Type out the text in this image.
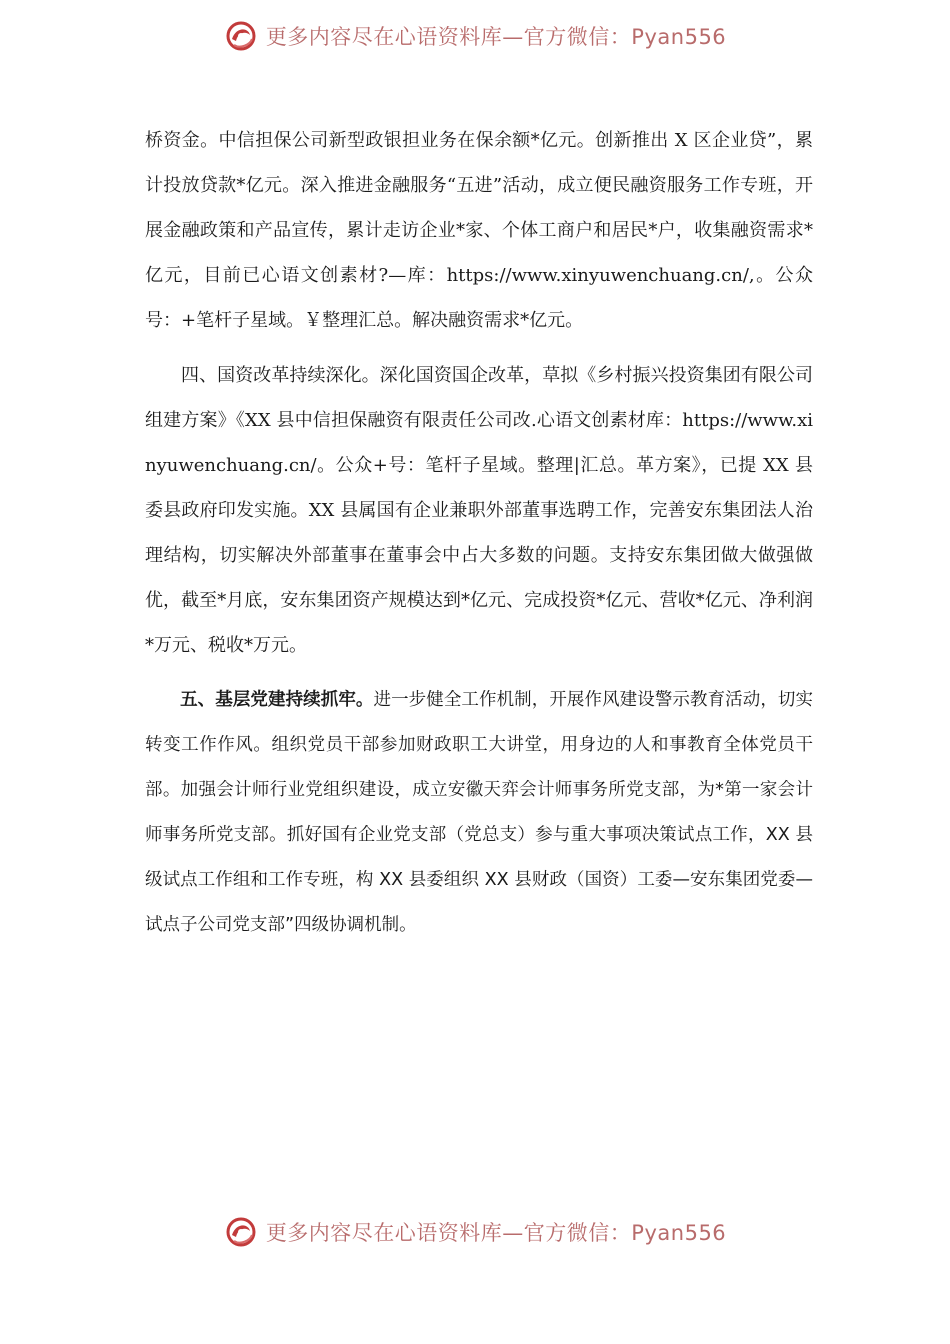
更多内容尽在心语资料库—官方微信：Pyan556

桥资金。中信担保公司新型政银担业务在保余额*亿元。创新推出 X 区企业贷”，累计投放贷款*亿元。深入推进金融服务“五进”活动，成立便民融资服务工作专班，开展金融政策和产品宣传，累计走访企业*家、个体工商户和居民*户，收集融资需求*亿元，目前已心语文创素材?—库：https://www.xinyuwenchuang.cn/,。公众号：+笔杆子星域。￥整理汇总。解决融资需求*亿元。

四、国资改革持续深化。深化国资国企改革，草拟《乡村振兴投资集团有限公司组建方案》《XX 县中信担保融资有限责任公司改.心语文创素材库：https://www.xinyuwenchuang.cn/。公众+号：笔杆子星域。整理|汇总。革方案》，已提 XX 县委县政府印发实施。XX 县属国有企业兼职外部董事选聘工作，完善安东集团法人治理结构，切实解决外部董事在董事会中占大多数的问题。支持安东集团做大做强做优，截至*月底，安东集团资产规模达到*亿元、完成投资*亿元、营收*亿元、净利润 *万元、税收*万元。

五、基层党建持续抓牢。进一步健全工作机制，开展作风建设警示教育活动，切实转变工作作风。组织党员干部参加财政职工大讲堂，用身边的人和事教育全体党员干部。加强会计师行业党组织建设，成立安徽天弈会计师事务所党支部，为*第一家会计师事务所党支部。抓好国有企业党支部（党总支）参与重大事项决策试点工作，XX 县级试点工作组和工作专班，构 XX 县委组织 XX 县财政（国资）工委—安东集团党委—试点子公司党支部”四级协调机制。

更多内容尽在心语资料库—官方微信：Pyan556
